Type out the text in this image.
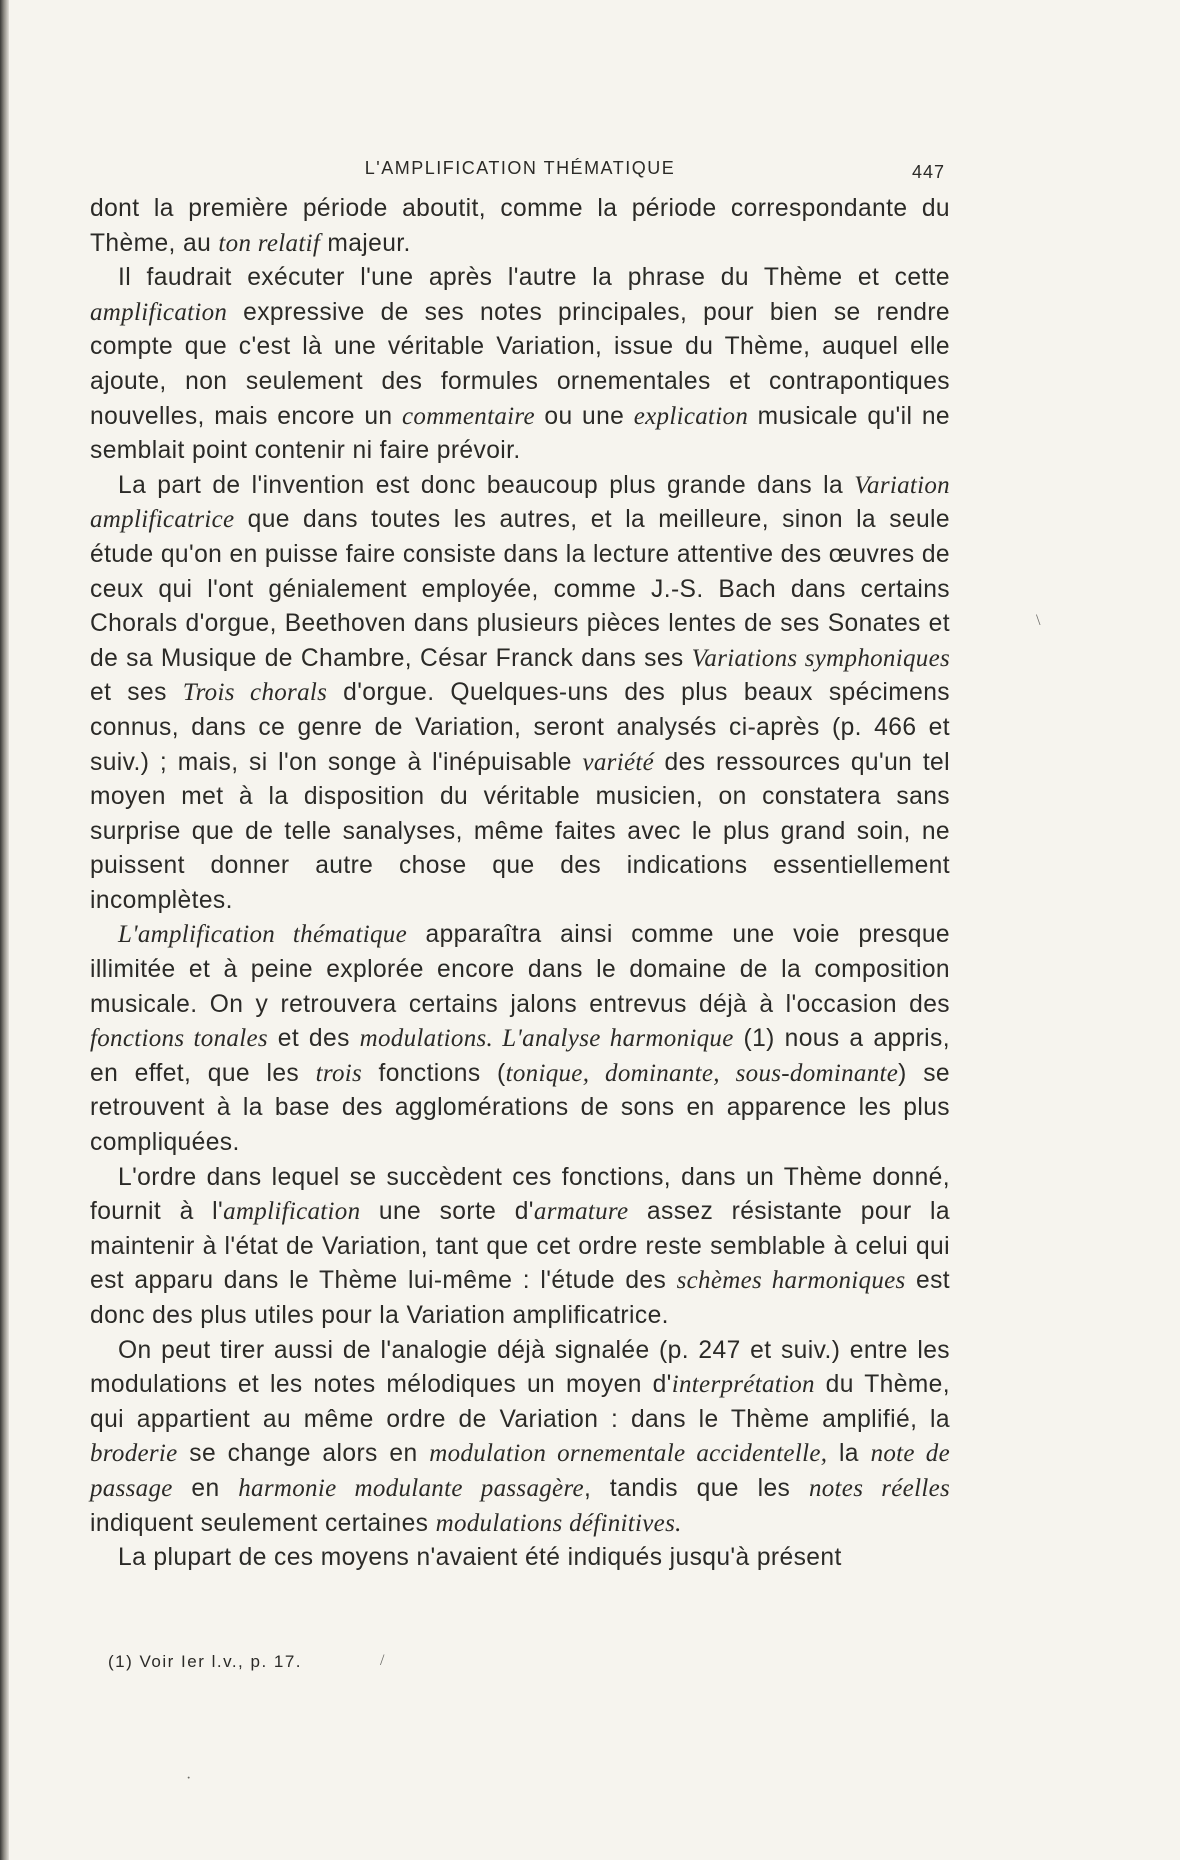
L'AMPLIFICATION THÉMATIQUE	447

dont la première période aboutit, comme la période correspondante du Thème, au ton relatif majeur.

Il faudrait exécuter l'une après l'autre la phrase du Thème et cette amplification expressive de ses notes principales, pour bien se rendre compte que c'est là une véritable Variation, issue du Thème, auquel elle ajoute, non seulement des formules ornementales et contrapontiques nouvelles, mais encore un commentaire ou une explication musicale qu'il ne semblait point contenir ni faire prévoir.

La part de l'invention est donc beaucoup plus grande dans la Variation amplificatrice que dans toutes les autres, et la meilleure, sinon la seule étude qu'on en puisse faire consiste dans la lecture attentive des œuvres de ceux qui l'ont génialement employée, comme J.-S. Bach dans certains Chorals d'orgue, Beethoven dans plusieurs pièces lentes de ses Sonates et de sa Musique de Chambre, César Franck dans ses Variations symphoniques et ses Trois chorals d'orgue. Quelques-uns des plus beaux spécimens connus, dans ce genre de Variation, seront analysés ci-après (p. 466 et suiv.) ; mais, si l'on songe à l'inépuisable variété des ressources qu'un tel moyen met à la disposition du véritable musicien, on constatera sans surprise que de telle sanalyses, même faites avec le plus grand soin, ne puissent donner autre chose que des indications essentiellement incomplètes.

L'amplification thématique apparaîtra ainsi comme une voie presque illimitée et à peine explorée encore dans le domaine de la composition musicale. On y retrouvera certains jalons entrevus déjà à l'occasion des fonctions tonales et des modulations. L'analyse harmonique (1) nous a appris, en effet, que les trois fonctions (tonique, dominante, sous-dominante) se retrouvent à la base des agglomérations de sons en apparence les plus compliquées.

L'ordre dans lequel se succèdent ces fonctions, dans un Thème donné, fournit à l'amplification une sorte d'armature assez résistante pour la maintenir à l'état de Variation, tant que cet ordre reste semblable à celui qui est apparu dans le Thème lui-même : l'étude des schèmes harmoniques est donc des plus utiles pour la Variation amplificatrice.

On peut tirer aussi de l'analogie déjà signalée (p. 247 et suiv.) entre les modulations et les notes mélodiques un moyen d'interprétation du Thème, qui appartient au même ordre de Variation : dans le Thème amplifié, la broderie se change alors en modulation ornementale accidentelle, la note de passage en harmonie modulante passagère, tandis que les notes réelles indiquent seulement certaines modulations définitives.

La plupart de ces moyens n'avaient été indiqués jusqu'à présent

(1) Voir Ier l.v., p. 17.
\
/
·
